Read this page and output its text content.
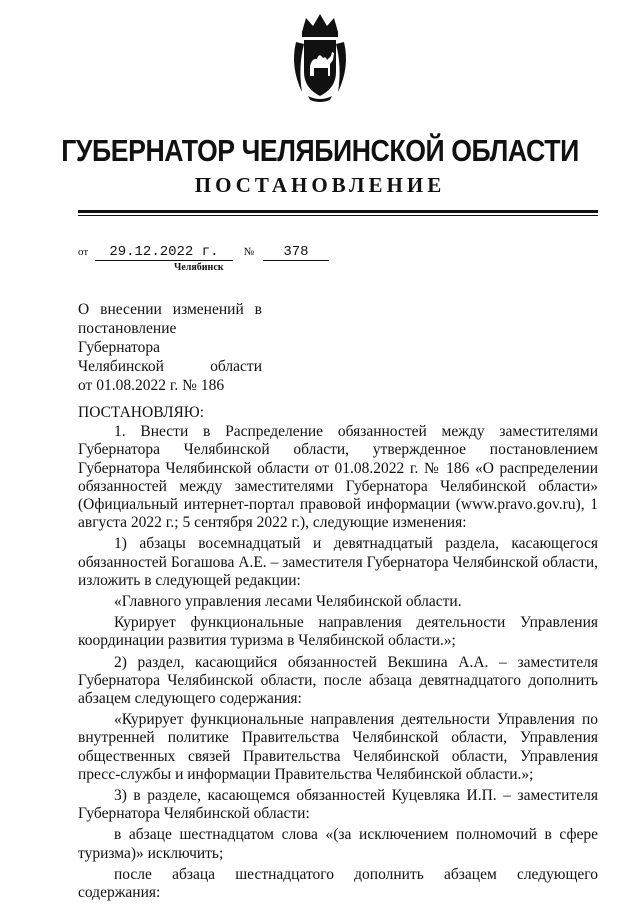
ГУБЕРНАТОР ЧЕЛЯБИНСКОЙ ОБЛАСТИ
ПОСТАНОВЛЕНИЕ
от 29.12.2022 г. № 378
Челябинск
О внесении изменений в
постановление Губернатора
Челябинской области
от 01.08.2022 г. № 186

ПОСТАНОВЛЯЮ:

1. Внести в Распределение обязанностей между заместителями Губернатора Челябинской области, утвержденное постановлением Губернатора Челябинской области от 01.08.2022 г. № 186 «О распределении обязанностей между заместителями Губернатора Челябинской области» (Официальный интернет-портал правовой информации (www.pravo.gov.ru), 1 августа 2022 г.; 5 сентября 2022 г.), следующие изменения:

1) абзацы восемнадцатый и девятнадцатый раздела, касающегося обязанностей Богашова А.Е. – заместителя Губернатора Челябинской области, изложить в следующей редакции:

«Главного управления лесами Челябинской области.

Курирует функциональные направления деятельности Управления координации развития туризма в Челябинской области.»;

2) раздел, касающийся обязанностей Векшина А.А. – заместителя Губернатора Челябинской области, после абзаца девятнадцатого дополнить абзацем следующего содержания:

«Курирует функциональные направления деятельности Управления по внутренней политике Правительства Челябинской области, Управления общественных связей Правительства Челябинской области, Управления пресс-службы и информации Правительства Челябинской области.»;

3) в разделе, касающемся обязанностей Куцевляка И.П. – заместителя Губернатора Челябинской области:

в абзаце шестнадцатом слова «(за исключением полномочий в сфере туризма)» исключить;

после абзаца шестнадцатого дополнить абзацем следующего содержания:
